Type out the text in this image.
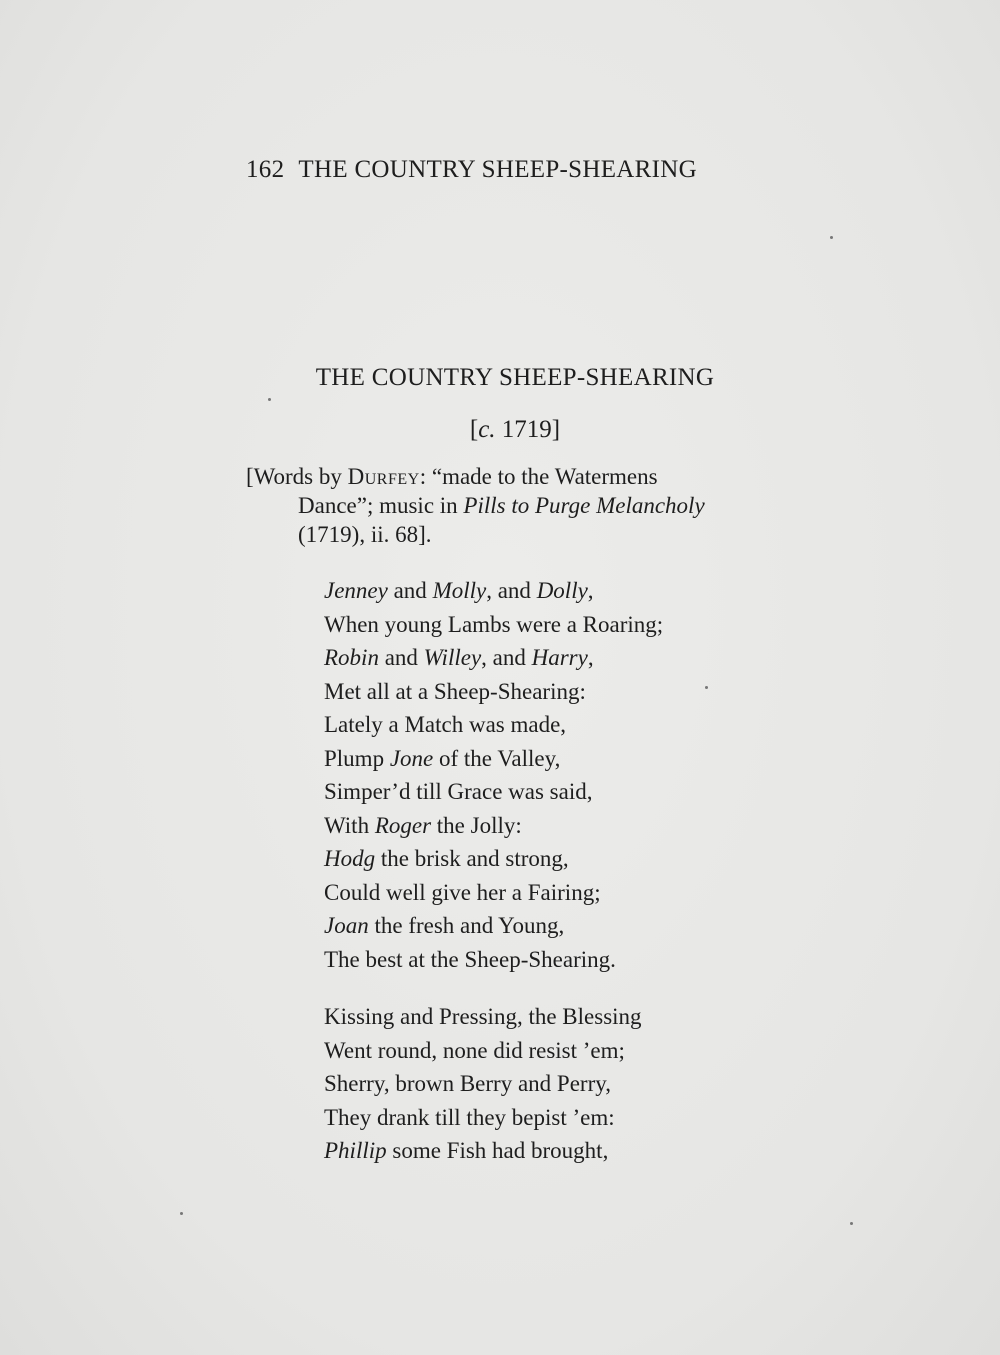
162 THE COUNTRY SHEEP-SHEARING
THE COUNTRY SHEEP-SHEARING
[c. 1719]
[Words by Durfey: “made to the Watermens
Dance”; music in Pills to Purge Melancholy
(1719), ii. 68].
Jenney and Molly, and Dolly,
When young Lambs were a Roaring;
Robin and Willey, and Harry,
Met all at a Sheep-Shearing:
Lately a Match was made,
Plump Jone of the Valley,
Simper’d till Grace was said,
With Roger the Jolly:
Hodg the brisk and strong,
Could well give her a Fairing;
Joan the fresh and Young,
The best at the Sheep-Shearing.
Kissing and Pressing, the Blessing
Went round, none did resist ’em;
Sherry, brown Berry and Perry,
They drank till they bepist ’em:
Phillip some Fish had brought,
